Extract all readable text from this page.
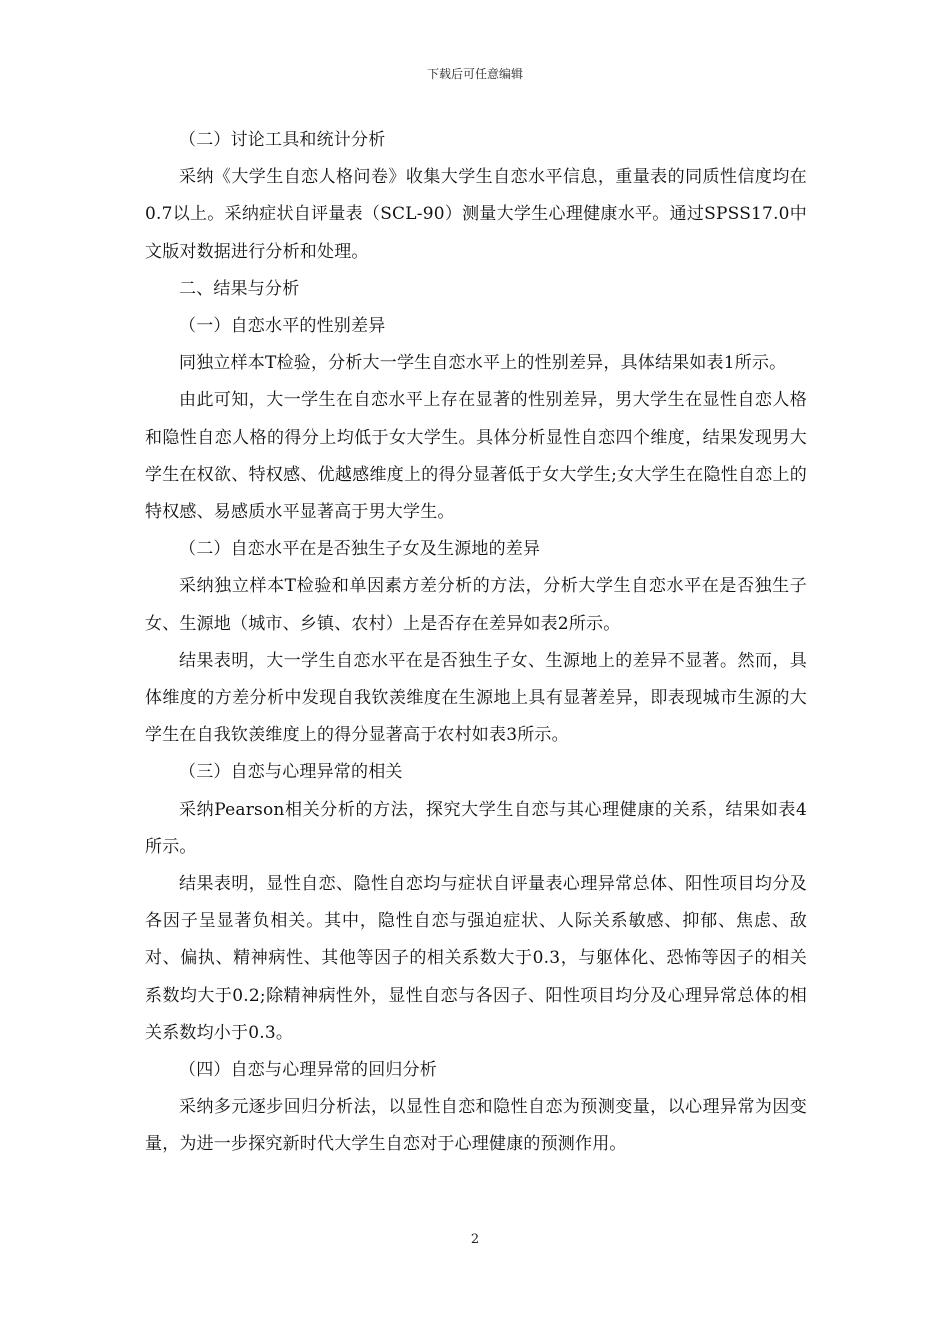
下载后可任意编辑

（二）讨论工具和统计分析

采纳《大学生自恋人格问卷》收集大学生自恋水平信息，重量表的同质性信度均在0.7以上。采纳症状自评量表（SCL-90）测量大学生心理健康水平。通过SPSS17.0中文版对数据进行分析和处理。

二、结果与分析

（一）自恋水平的性别差异

同独立样本T检验，分析大一学生自恋水平上的性别差异，具体结果如表1所示。

由此可知，大一学生在自恋水平上存在显著的性别差异，男大学生在显性自恋人格和隐性自恋人格的得分上均低于女大学生。具体分析显性自恋四个维度，结果发现男大学生在权欲、特权感、优越感维度上的得分显著低于女大学生;女大学生在隐性自恋上的特权感、易感质水平显著高于男大学生。

（二）自恋水平在是否独生子女及生源地的差异

采纳独立样本T检验和单因素方差分析的方法，分析大学生自恋水平在是否独生子女、生源地（城市、乡镇、农村）上是否存在差异如表2所示。

结果表明，大一学生自恋水平在是否独生子女、生源地上的差异不显著。然而，具体维度的方差分析中发现自我钦羡维度在生源地上具有显著差异，即表现城市生源的大学生在自我钦羡维度上的得分显著高于农村如表3所示。

（三）自恋与心理异常的相关

采纳Pearson相关分析的方法，探究大学生自恋与其心理健康的关系，结果如表4所示。

结果表明，显性自恋、隐性自恋均与症状自评量表心理异常总体、阳性项目均分及各因子呈显著负相关。其中，隐性自恋与强迫症状、人际关系敏感、抑郁、焦虑、敌对、偏执、精神病性、其他等因子的相关系数大于0.3，与躯体化、恐怖等因子的相关系数均大于0.2;除精神病性外，显性自恋与各因子、阳性项目均分及心理异常总体的相关系数均小于0.3。

（四）自恋与心理异常的回归分析

采纳多元逐步回归分析法，以显性自恋和隐性自恋为预测变量，以心理异常为因变量，为进一步探究新时代大学生自恋对于心理健康的预测作用。

2
